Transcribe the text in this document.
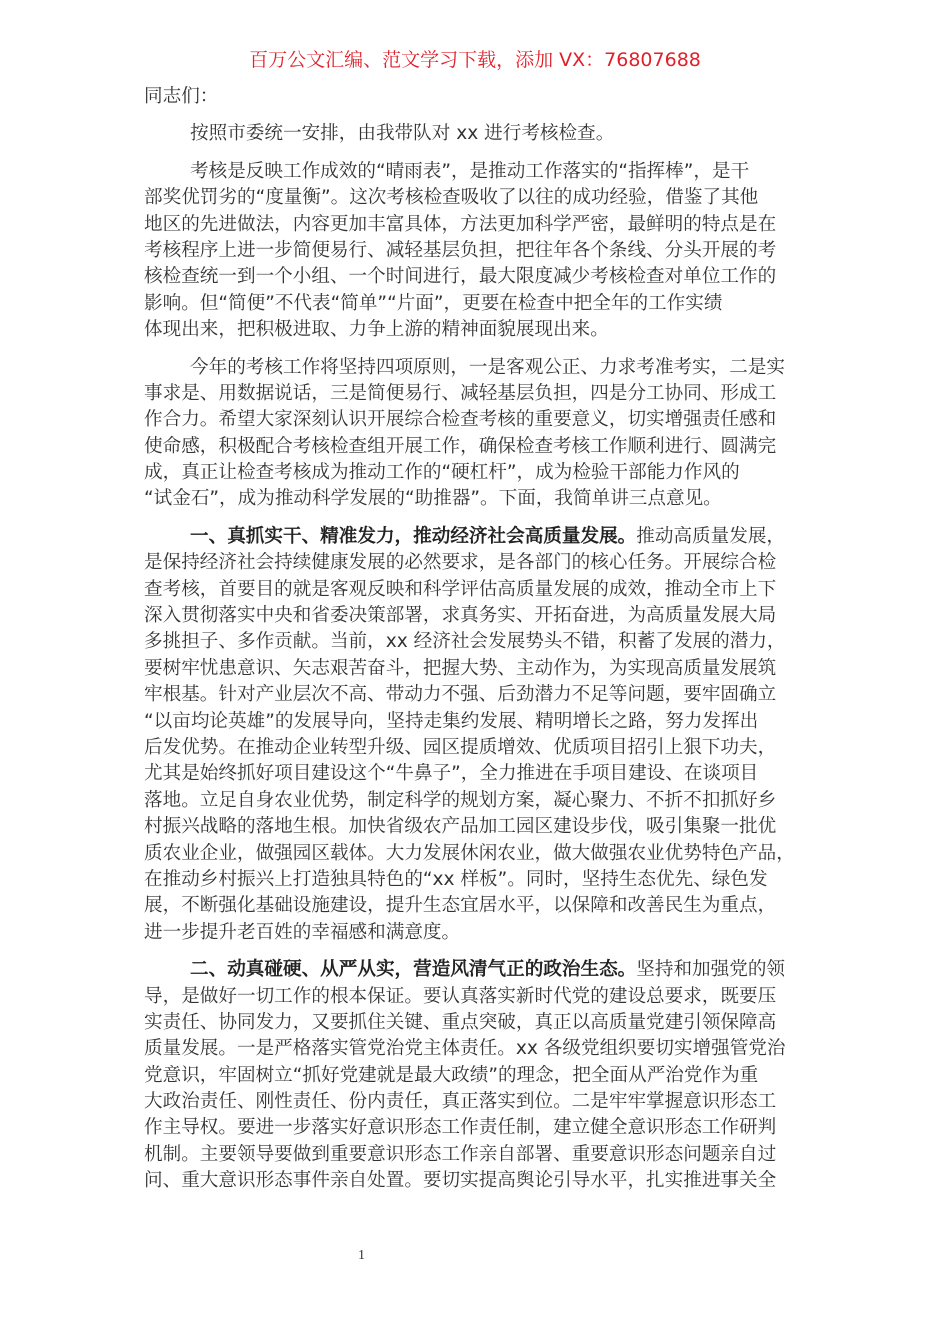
百万公文汇编、范文学习下载，添加 VX：76807688
同志们：
按照市委统一安排，由我带队对 xx 进行考核检查。
考核是反映工作成效的“晴雨表”，是推动工作落实的“指挥棒”，是干
部奖优罚劣的“度量衡”。这次考核检查吸收了以往的成功经验，借鉴了其他
地区的先进做法，内容更加丰富具体，方法更加科学严密，最鲜明的特点是在
考核程序上进一步简便易行、减轻基层负担，把往年各个条线、分头开展的考
核检查统一到一个小组、一个时间进行，最大限度减少考核检查对单位工作的
影响。但“简便”不代表“简单”“片面”，更要在检查中把全年的工作实绩
体现出来，把积极进取、力争上游的精神面貌展现出来。
今年的考核工作将坚持四项原则，一是客观公正、力求考准考实，二是实
事求是、用数据说话，三是简便易行、减轻基层负担，四是分工协同、形成工
作合力。希望大家深刻认识开展综合检查考核的重要意义，切实增强责任感和
使命感，积极配合考核检查组开展工作，确保检查考核工作顺利进行、圆满完
成，真正让检查考核成为推动工作的“硬杠杆”，成为检验干部能力作风的
“试金石”，成为推动科学发展的“助推器”。下面，我简单讲三点意见。
一、真抓实干、精准发力，推动经济社会高质量发展。推动高质量发展，
是保持经济社会持续健康发展的必然要求，是各部门的核心任务。开展综合检
查考核，首要目的就是客观反映和科学评估高质量发展的成效，推动全市上下
深入贯彻落实中央和省委决策部署，求真务实、开拓奋进，为高质量发展大局
多挑担子、多作贡献。当前，xx 经济社会发展势头不错，积蓄了发展的潜力，
要树牢忧患意识、矢志艰苦奋斗，把握大势、主动作为，为实现高质量发展筑
牢根基。针对产业层次不高、带动力不强、后劲潜力不足等问题，要牢固确立
“以亩均论英雄”的发展导向，坚持走集约发展、精明增长之路，努力发挥出
后发优势。在推动企业转型升级、园区提质增效、优质项目招引上狠下功夫，
尤其是始终抓好项目建设这个“牛鼻子”，全力推进在手项目建设、在谈项目
落地。立足自身农业优势，制定科学的规划方案，凝心聚力、不折不扣抓好乡
村振兴战略的落地生根。加快省级农产品加工园区建设步伐，吸引集聚一批优
质农业企业，做强园区载体。大力发展休闲农业，做大做强农业优势特色产品，
在推动乡村振兴上打造独具特色的“xx 样板”。同时，坚持生态优先、绿色发
展，不断强化基础设施建设，提升生态宜居水平，以保障和改善民生为重点，
进一步提升老百姓的幸福感和满意度。
二、动真碰硬、从严从实，营造风清气正的政治生态。坚持和加强党的领
导，是做好一切工作的根本保证。要认真落实新时代党的建设总要求，既要压
实责任、协同发力，又要抓住关键、重点突破，真正以高质量党建引领保障高
质量发展。一是严格落实管党治党主体责任。xx 各级党组织要切实增强管党治
党意识，牢固树立“抓好党建就是最大政绩”的理念，把全面从严治党作为重
大政治责任、刚性责任、份内责任，真正落实到位。二是牢牢掌握意识形态工
作主导权。要进一步落实好意识形态工作责任制，建立健全意识形态工作研判
机制。主要领导要做到重要意识形态工作亲自部署、重要意识形态问题亲自过
问、重大意识形态事件亲自处置。要切实提高舆论引导水平，扎实推进事关全
1
